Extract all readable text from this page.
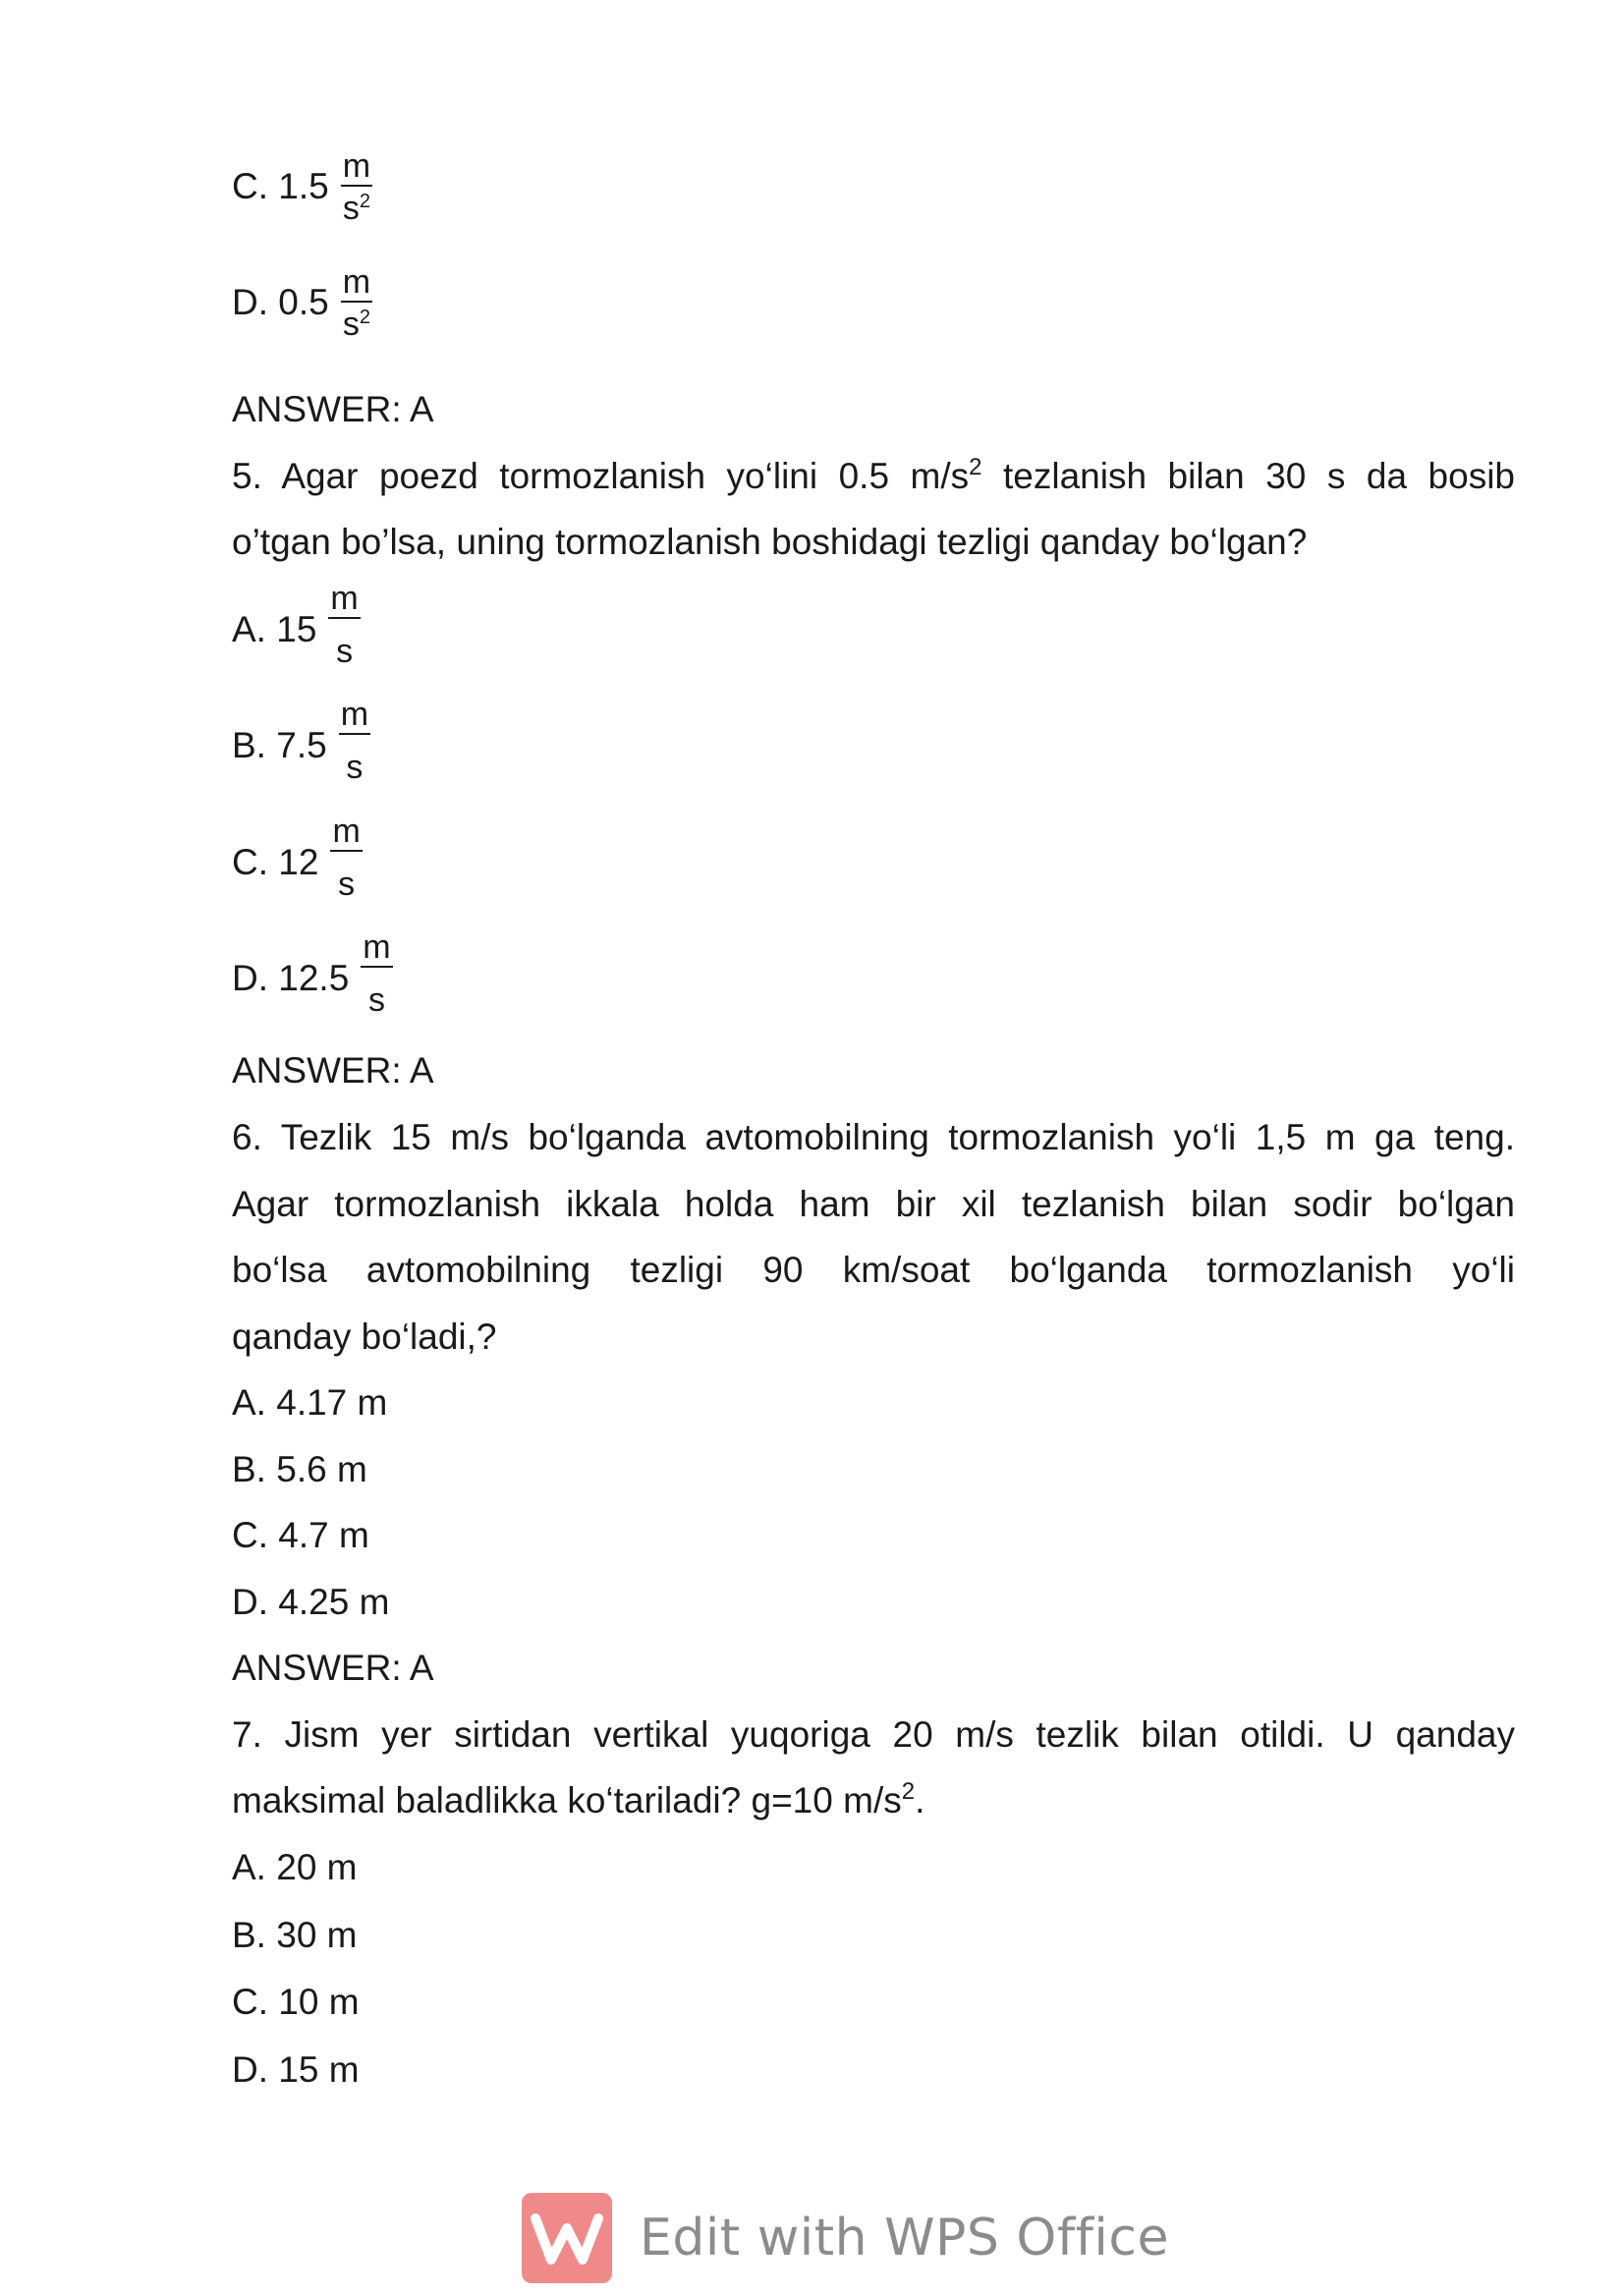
C. $1.5 \frac{m}{s^2}$
D. $0.5 \frac{m}{s^2}$
ANSWER: A
5. Agar poezd tormozlanish yo‘lini 0.5 $m/s^2$ tezlanish bilan 30 s da bosib
o’tgan bo’lsa, uning tormozlanish boshidagi tezligi qanday bo‘lgan?
A. $15 \frac{m}{s}$
B. $7.5 \frac{m}{s}$
C. $12 \frac{m}{s}$
D. $12.5 \frac{m}{s}$
ANSWER: A
6. Tezlik 15 m/s bo‘lganda avtomobilning tormozlanish yo‘li 1,5 m ga teng.
Agar tormozlanish ikkala holda ham bir xil tezlanish bilan sodir bo‘lgan
bo‘lsa avtomobilning tezligi 90 km/soat bo‘lganda tormozlanish yo‘li
qanday bo‘ladi,?
A. 4.17 m
B. 5.6 m
C. 4.7 m
D. 4.25 m
ANSWER: A
7. Jism yer sirtidan vertikal yuqoriga 20 m/s tezlik bilan otildi. U qanday
maksimal baladlikka ko‘tariladi? g=10 $m/s^2$.
A. 20 m
B. 30 m
C. 10 m
D. 15 m
Edit with WPS Office
